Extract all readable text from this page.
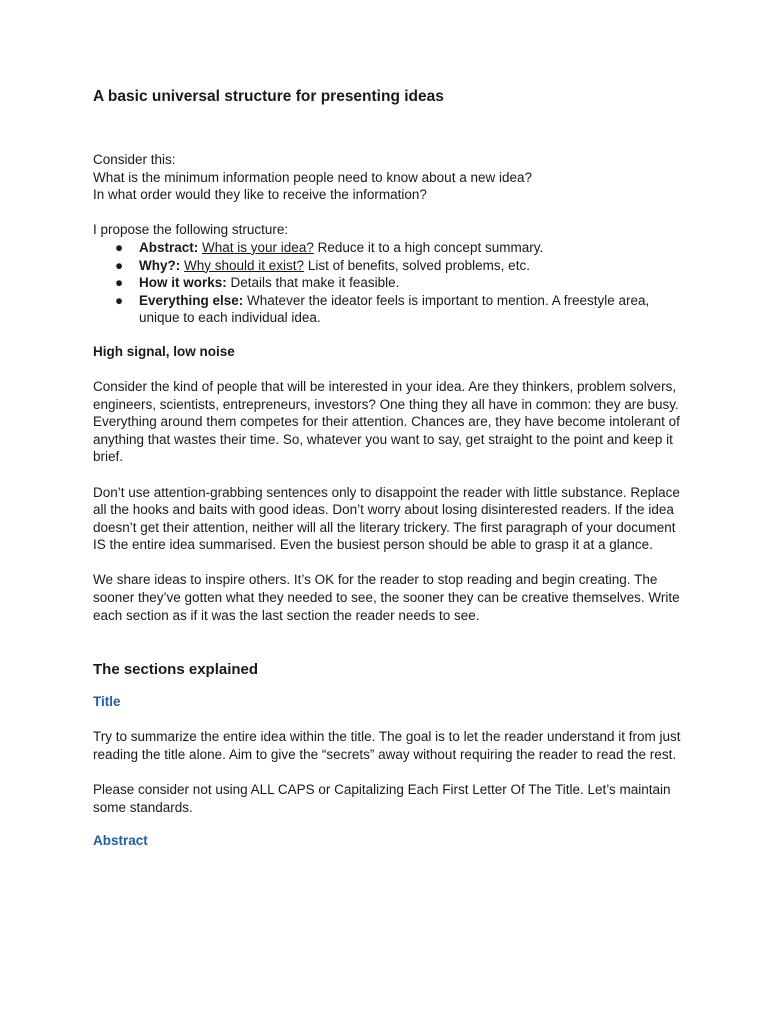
A basic universal structure for presenting ideas

Consider this:

What is the minimum information people need to know about a new idea?

In what order would they like to receive the information?

I propose the following structure:

● Abstract: What is your idea? Reduce it to a high concept summary.
● Why?: Why should it exist? List of benefits, solved problems, etc.
● How it works: Details that make it feasible.
● Everything else: Whatever the ideator feels is important to mention. A freestyle area, unique to each individual idea.
High signal, low noise

Consider the kind of people that will be interested in your idea. Are they thinkers, problem solvers, engineers, scientists, entrepreneurs, investors? One thing they all have in common: they are busy. Everything around them competes for their attention. Chances are, they have become intolerant of anything that wastes their time. So, whatever you want to say, get straight to the point and keep it brief.

Don’t use attention-grabbing sentences only to disappoint the reader with little substance. Replace all the hooks and baits with good ideas. Don’t worry about losing disinterested readers. If the idea doesn’t get their attention, neither will all the literary trickery. The first paragraph of your document IS the entire idea summarised. Even the busiest person should be able to grasp it at a glance.

We share ideas to inspire others. It’s OK for the reader to stop reading and begin creating. The sooner they’ve gotten what they needed to see, the sooner they can be creative themselves. Write each section as if it was the last section the reader needs to see.

The sections explained
Title

Try to summarize the entire idea within the title. The goal is to let the reader understand it from just reading the title alone. Aim to give the “secrets” away without requiring the reader to read the rest.

Please consider not using ALL CAPS or Capitalizing Each First Letter Of The Title. Let’s maintain some standards.

Abstract
